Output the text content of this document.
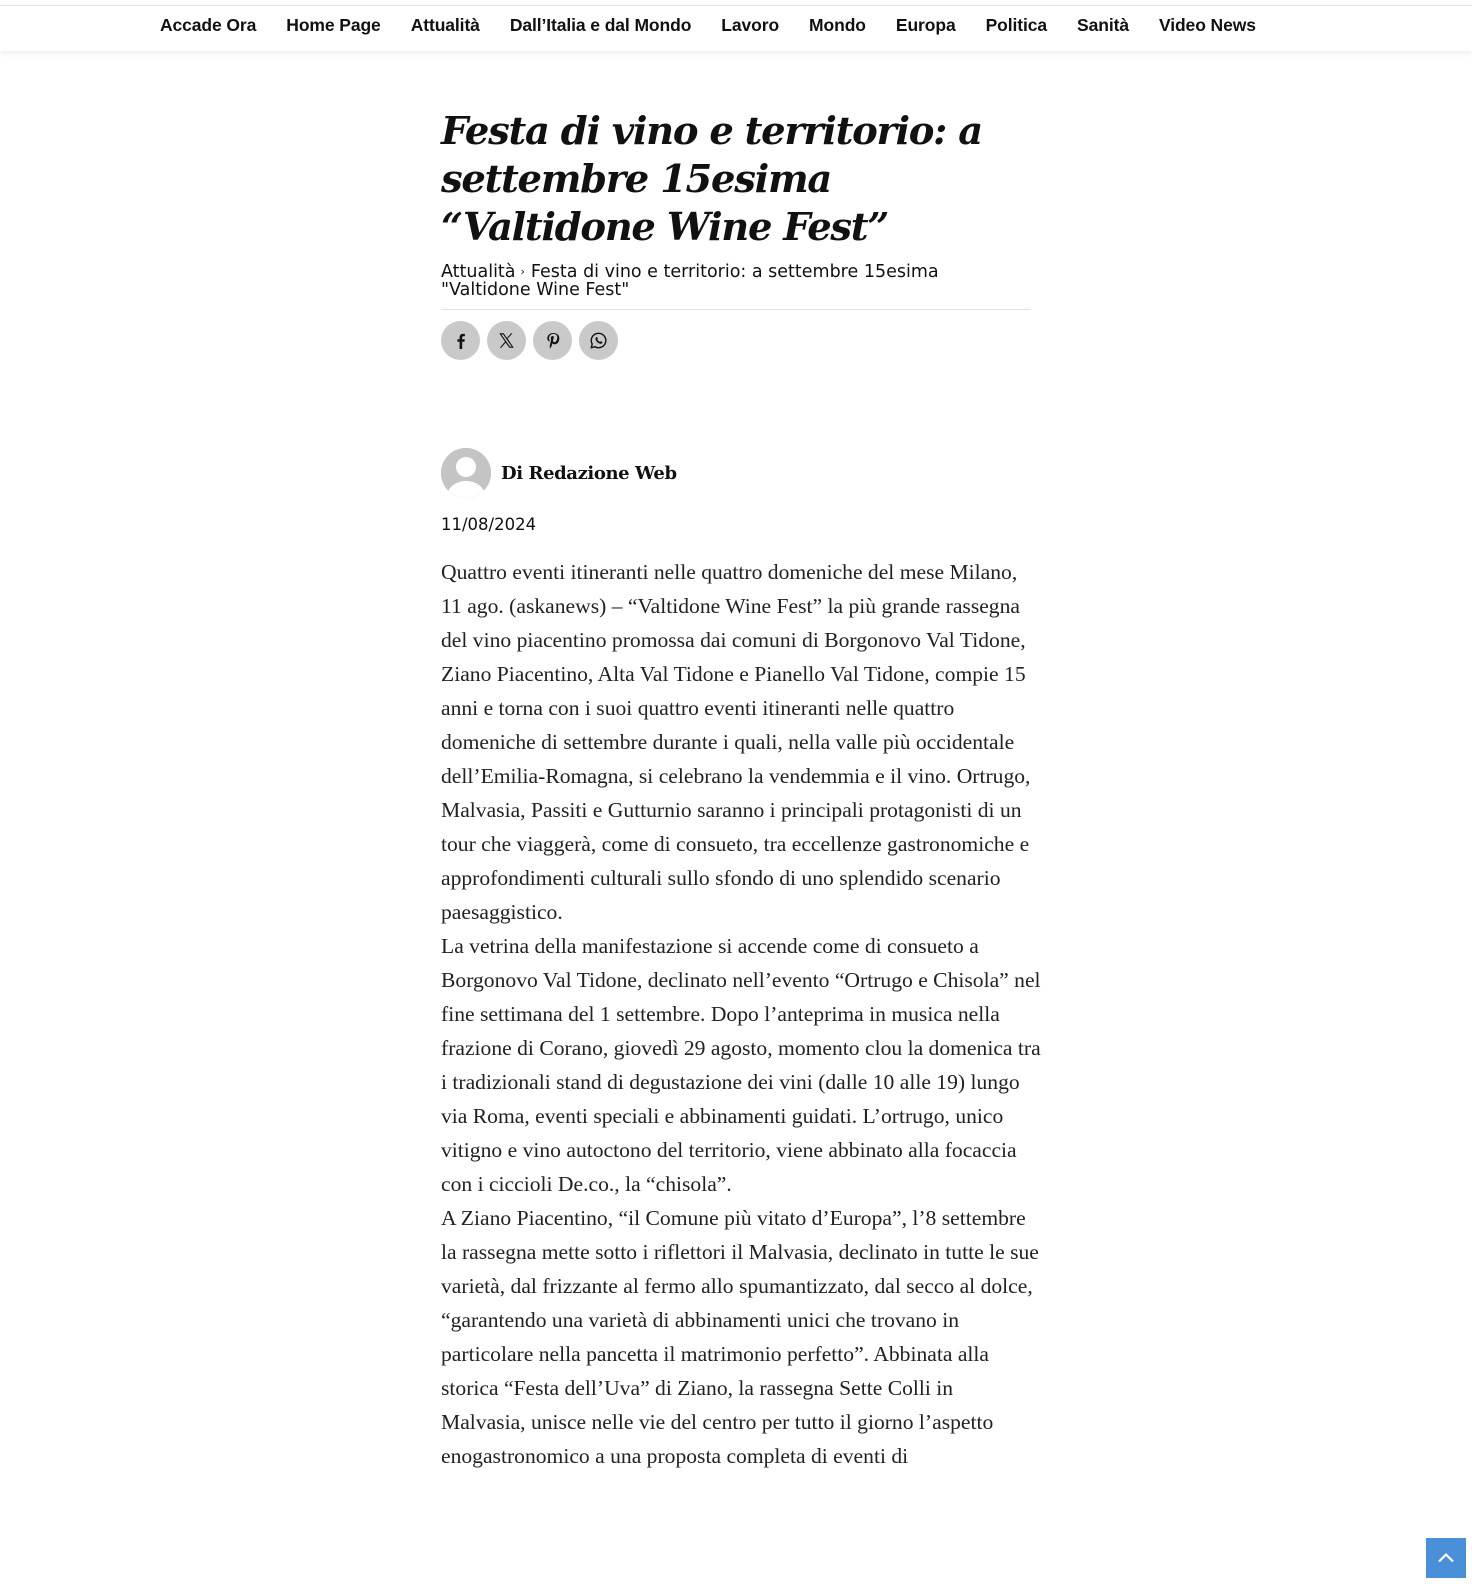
Accade Ora Home Page Attualità Dall’Italia e dal Mondo Lavoro Mondo Europa Politica Sanità Video News
Festa di vino e territorio: a settembre 15esima “Valtidone Wine Fest”
Attualità › Festa di vino e territorio: a settembre 15esima "Valtidone Wine Fest"
Di Redazione Web
11/08/2024

Quattro eventi itineranti nelle quattro domeniche del mese Milano, 11 ago. (askanews) – “Valtidone Wine Fest” la più grande rassegna del vino piacentino promossa dai comuni di Borgonovo Val Tidone, Ziano Piacentino, Alta Val Tidone e Pianello Val Tidone, compie 15 anni e torna con i suoi quattro eventi itineranti nelle quattro domeniche di settembre durante i quali, nella valle più occidentale dell’Emilia-Romagna, si celebrano la vendemmia e il vino. Ortrugo, Malvasia, Passiti e Gutturnio saranno i principali protagonisti di un tour che viaggerà, come di consueto, tra eccellenze gastronomiche e approfondimenti culturali sullo sfondo di uno splendido scenario paesaggistico.

La vetrina della manifestazione si accende come di consueto a Borgonovo Val Tidone, declinato nell’evento “Ortrugo e Chisola” nel fine settimana del 1 settembre. Dopo l’anteprima in musica nella frazione di Corano, giovedì 29 agosto, momento clou la domenica tra i tradizionali stand di degustazione dei vini (dalle 10 alle 19) lungo via Roma, eventi speciali e abbinamenti guidati. L’ortrugo, unico vitigno e vino autoctono del territorio, viene abbinato alla focaccia con i ciccioli De.co., la “chisola”.

A Ziano Piacentino, “il Comune più vitato d’Europa”, l’8 settembre la rassegna mette sotto i riflettori il Malvasia, declinato in tutte le sue varietà, dal frizzante al fermo allo spumantizzato, dal secco al dolce, “garantendo una varietà di abbinamenti unici che trovano in particolare nella pancetta il matrimonio perfetto”. Abbinata alla storica “Festa dell’Uva” di Ziano, la rassegna Sette Colli in Malvasia, unisce nelle vie del centro per tutto il giorno l’aspetto enogastronomico a una proposta completa di eventi di
